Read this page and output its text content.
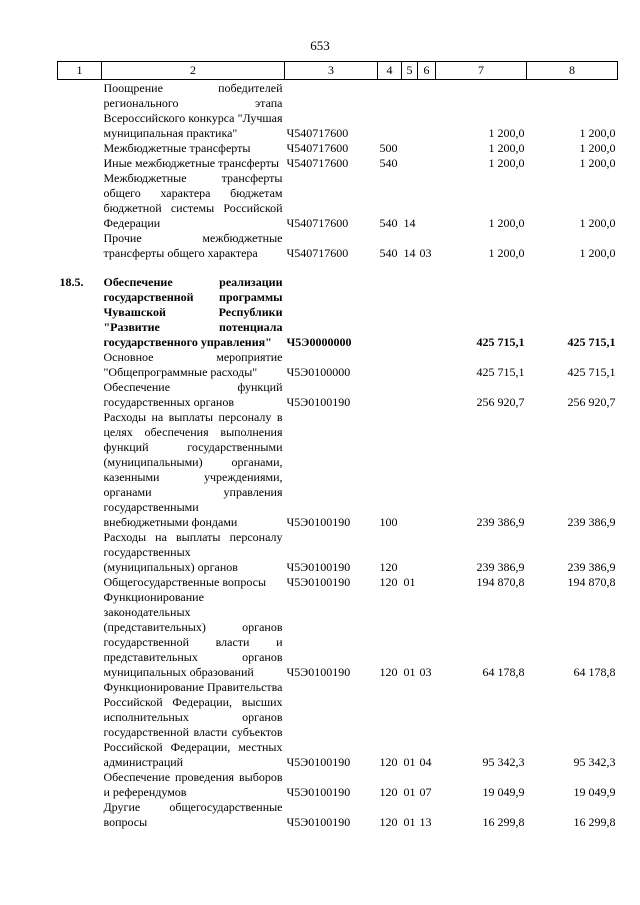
653
1	2	3	4	5	6	7	8
	Поощрение победителей регионального этапа Всероссийского конкурса "Лучшая муниципальная практика"	Ч540717600				1 200,0	1 200,0
	Межбюджетные трансферты	Ч540717600	500			1 200,0	1 200,0
	Иные межбюджетные трансферты	Ч540717600	540			1 200,0	1 200,0
	Межбюджетные трансферты общего характера бюджетам бюджетной системы Российской Федерации	Ч540717600	540	14		1 200,0	1 200,0
	Прочие межбюджетные трансферты общего характера	Ч540717600	540	14	03	1 200,0	1 200,0

18.5.	Обеспечение реализации государственной программы Чувашской Республики "Развитие потенциала государственного управления"	Ч5Э0000000				425 715,1	425 715,1
	Основное мероприятие "Общепрограммные расходы"	Ч5Э0100000				425 715,1	425 715,1
	Обеспечение функций государственных органов	Ч5Э0100190				256 920,7	256 920,7
	Расходы на выплаты персоналу в целях обеспечения выполнения функций государственными (муниципальными) органами, казенными учреждениями, органами управления государственными внебюджетными фондами	Ч5Э0100190	100			239 386,9	239 386,9
	Расходы на выплаты персоналу государственных (муниципальных) органов	Ч5Э0100190	120			239 386,9	239 386,9
	Общегосударственные вопросы	Ч5Э0100190	120	01		194 870,8	194 870,8
	Функционирование законодательных (представительных) органов государственной власти и представительных органов муниципальных образований	Ч5Э0100190	120	01	03	64 178,8	64 178,8
	Функционирование Правительства Российской Федерации, высших исполнительных органов государственной власти субъектов Российской Федерации, местных администраций	Ч5Э0100190	120	01	04	95 342,3	95 342,3
	Обеспечение проведения выборов и референдумов	Ч5Э0100190	120	01	07	19 049,9	19 049,9
	Другие общегосударственные вопросы	Ч5Э0100190	120	01	13	16 299,8	16 299,8
